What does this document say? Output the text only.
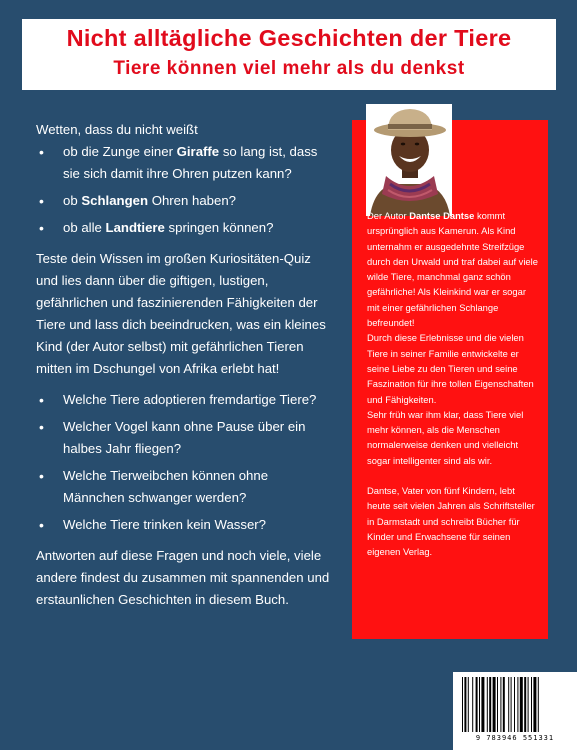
Nicht alltägliche Geschichten der Tiere
Tiere können viel mehr als du denkst

Wetten, dass du nicht weißt

• ob die Zunge einer Giraffe so lang ist, dass sie sich damit ihre Ohren putzen kann?
• ob Schlangen Ohren haben?
• ob alle Landtiere springen können?

Teste dein Wissen im großen Kuriositäten-Quiz und lies dann über die giftigen, lustigen, gefährlichen und faszinierenden Fähigkeiten der Tiere und lass dich beeindrucken, was ein kleines Kind (der Autor selbst) mit gefährlichen Tieren mitten im Dschungel von Afrika erlebt hat!

• Welche Tiere adoptieren fremdartige Tiere?
• Welcher Vogel kann ohne Pause über ein halbes Jahr fliegen?
• Welche Tierweibchen können ohne Männchen schwanger werden?
• Welche Tiere trinken kein Wasser?

Antworten auf diese Fragen und noch viele, viele andere findest du zusammen mit spannenden und erstaunlichen Geschichten in diesem Buch.

Der Autor Dantse Dantse kommt ursprünglich aus Kamerun. Als Kind unternahm er ausgedehnte Streifzüge durch den Urwald und traf dabei auf viele wilde Tiere, manchmal ganz schön gefährliche! Als Kleinkind war er sogar mit einer gefährlichen Schlange befreundet!

Durch diese Erlebnisse und die vielen Tiere in seiner Familie entwickelte er seine Liebe zu den Tieren und seine Faszination für ihre tollen Eigenschaften und Fähigkeiten.

Sehr früh war ihm klar, dass Tiere viel mehr können, als die Menschen normalerweise denken und vielleicht sogar intelligenter sind als wir.

Dantse, Vater von fünf Kindern, lebt heute seit vielen Jahren als Schriftsteller in Darmstadt und schreibt Bücher für Kinder und Erwachsene für seinen eigenen Verlag.

9 783946 551331
